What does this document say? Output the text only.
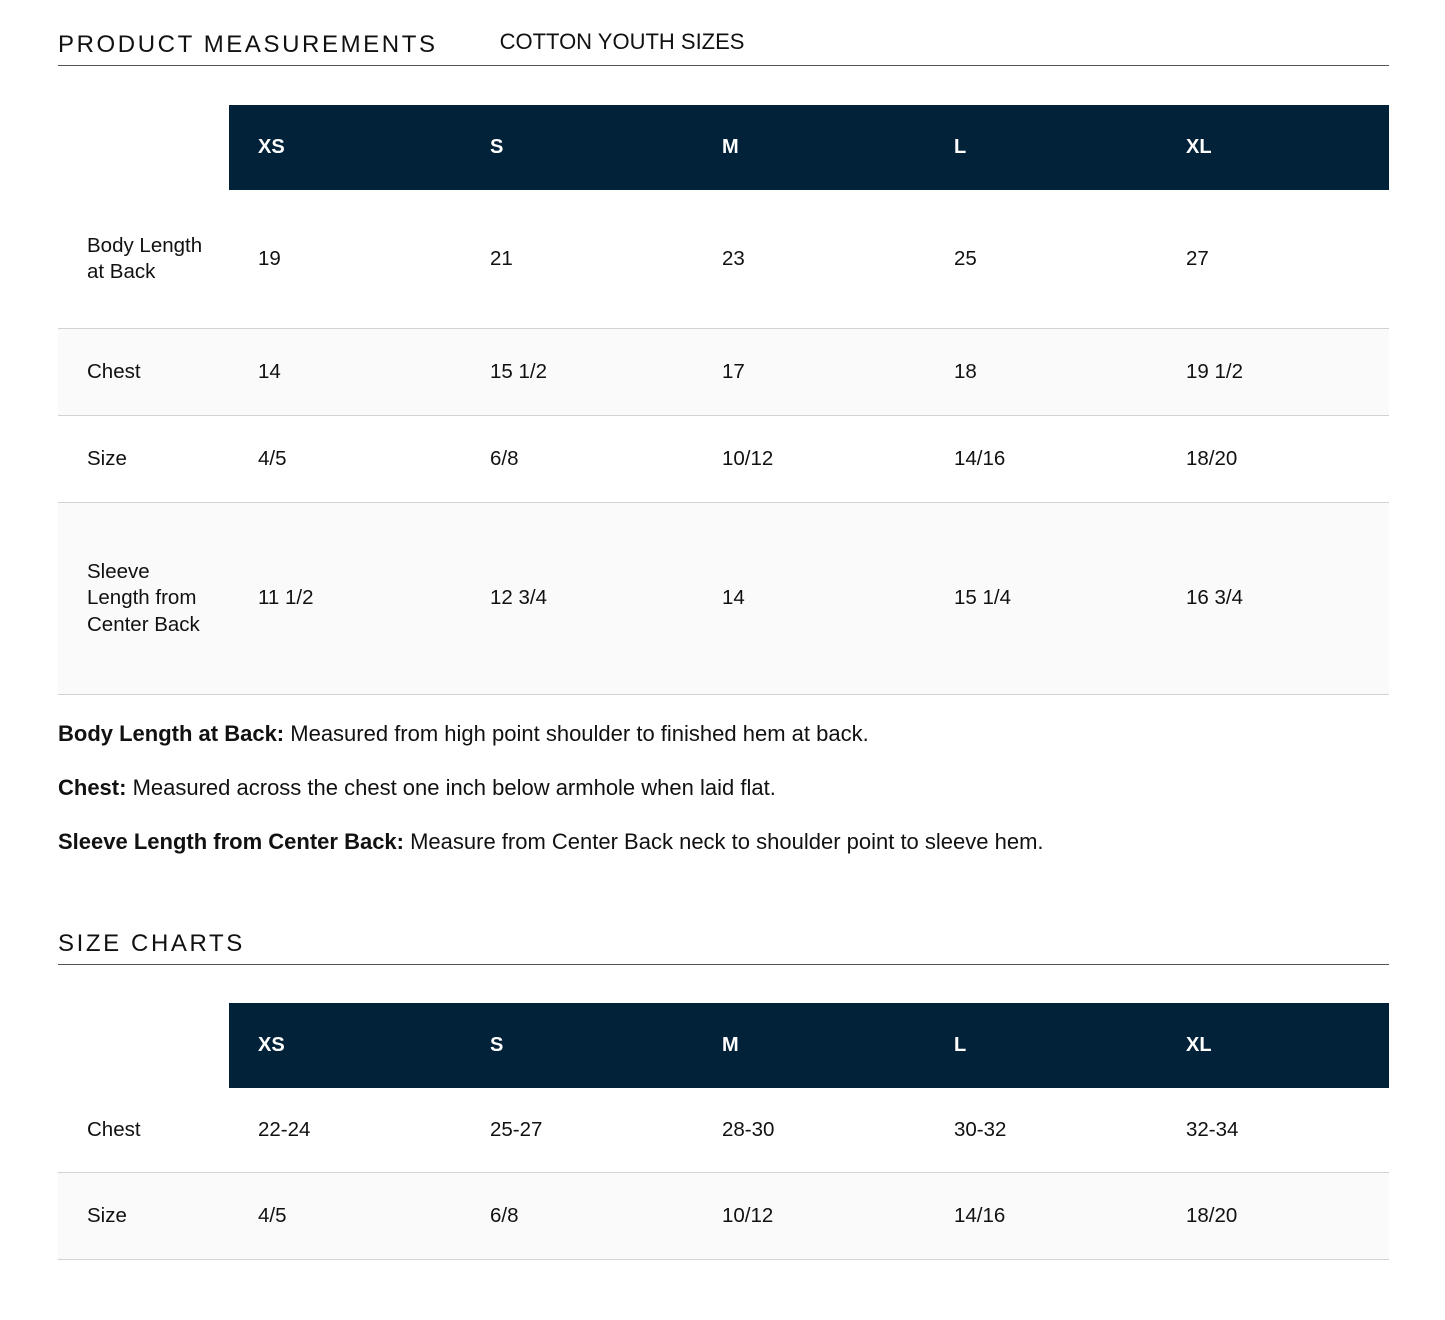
PRODUCT MEASUREMENTS	COTTON YOUTH SIZES
	XS	S	M	L	XL
Body Length at Back	19	21	23	25	27
Chest	14	15 1/2	17	18	19 1/2
Size	4/5	6/8	10/12	14/16	18/20
Sleeve Length from Center Back	11 1/2	12 3/4	14	15 1/4	16 3/4

Body Length at Back: Measured from high point shoulder to finished hem at back.

Chest: Measured across the chest one inch below armhole when laid flat.

Sleeve Length from Center Back: Measure from Center Back neck to shoulder point to sleeve hem.

SIZE CHARTS
	XS	S	M	L	XL
Chest	22-24	25-27	28-30	30-32	32-34
Size	4/5	6/8	10/12	14/16	18/20
